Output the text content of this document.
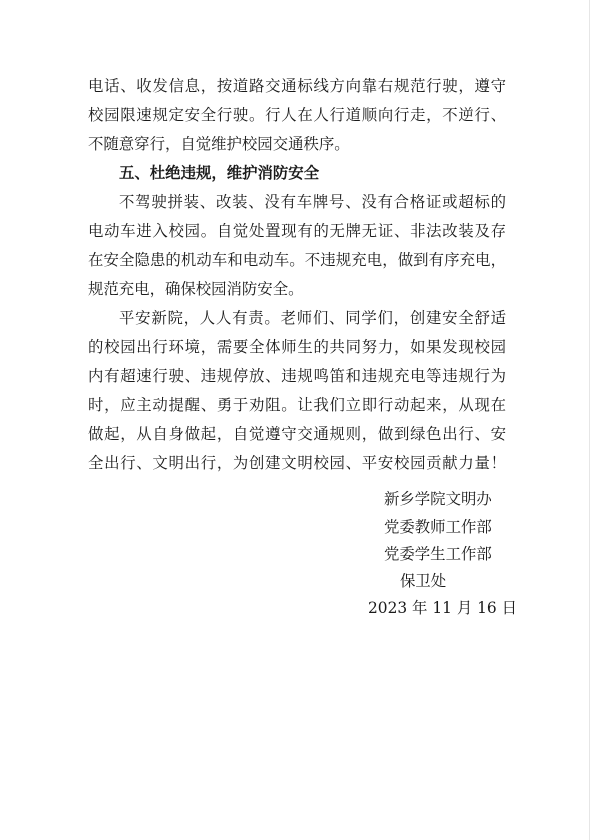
电话、收发信息，按道路交通标线方向靠右规范行驶，遵守
校园限速规定安全行驶。行人在人行道顺向行走，不逆行、
不随意穿行，自觉维护校园交通秩序。
五、杜绝违规，维护消防安全
不驾驶拼装、改装、没有车牌号、没有合格证或超标的
电动车进入校园。自觉处置现有的无牌无证、非法改装及存
在安全隐患的机动车和电动车。不违规充电，做到有序充电，
规范充电，确保校园消防安全。
平安新院，人人有责。老师们、同学们，创建安全舒适
的校园出行环境，需要全体师生的共同努力，如果发现校园
内有超速行驶、违规停放、违规鸣笛和违规充电等违规行为
时，应主动提醒、勇于劝阻。让我们立即行动起来，从现在
做起，从自身做起，自觉遵守交通规则，做到绿色出行、安
全出行、文明出行，为创建文明校园、平安校园贡献力量！
新乡学院文明办
党委教师工作部
党委学生工作部
保卫处
2023 年 11 月 16 日
